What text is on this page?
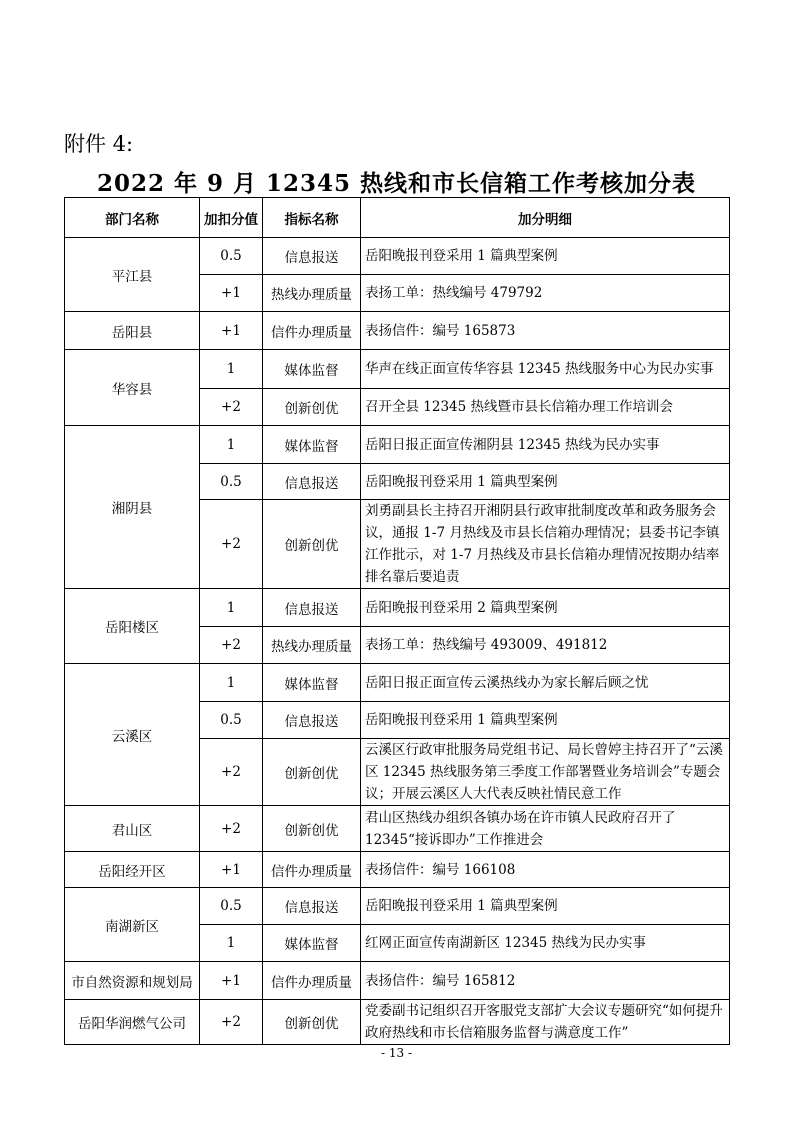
附件 4:
2022 年 9 月 12345 热线和市长信箱工作考核加分表
部门名称	加扣分值	指标名称	加分明细
平江县	0.5	信息报送	岳阳晚报刊登采用 1 篇典型案例
	+1	热线办理质量	表扬工单：热线编号 479792
岳阳县	+1	信件办理质量	表扬信件：编号 165873
华容县	1	媒体监督	华声在线正面宣传华容县 12345 热线服务中心为民办实事
	+2	创新创优	召开全县 12345 热线暨市县长信箱办理工作培训会
湘阴县	1	媒体监督	岳阳日报正面宣传湘阴县 12345 热线为民办实事
	0.5	信息报送	岳阳晚报刊登采用 1 篇典型案例
	+2	创新创优	刘勇副县长主持召开湘阴县行政审批制度改革和政务服务会议，通报 1-7 月热线及市县长信箱办理情况；县委书记李镇江作批示，对 1-7 月热线及市县长信箱办理情况按期办结率排名靠后要追责
岳阳楼区	1	信息报送	岳阳晚报刊登采用 2 篇典型案例
	+2	热线办理质量	表扬工单：热线编号 493009、491812
云溪区	1	媒体监督	岳阳日报正面宣传云溪热线办为家长解后顾之忧
	0.5	信息报送	岳阳晚报刊登采用 1 篇典型案例
	+2	创新创优	云溪区行政审批服务局党组书记、局长曾婷主持召开了“云溪区 12345 热线服务第三季度工作部署暨业务培训会”专题会议；开展云溪区人大代表反映社情民意工作
君山区	+2	创新创优	君山区热线办组织各镇办场在许市镇人民政府召开了 12345“接诉即办”工作推进会
岳阳经开区	+1	信件办理质量	表扬信件：编号 166108
南湖新区	0.5	信息报送	岳阳晚报刊登采用 1 篇典型案例
	1	媒体监督	红网正面宣传南湖新区 12345 热线为民办实事
市自然资源和规划局	+1	信件办理质量	表扬信件：编号 165812
岳阳华润燃气公司	+2	创新创优	党委副书记组织召开客服党支部扩大会议专题研究“如何提升政府热线和市长信箱服务监督与满意度工作”
- 13 -
